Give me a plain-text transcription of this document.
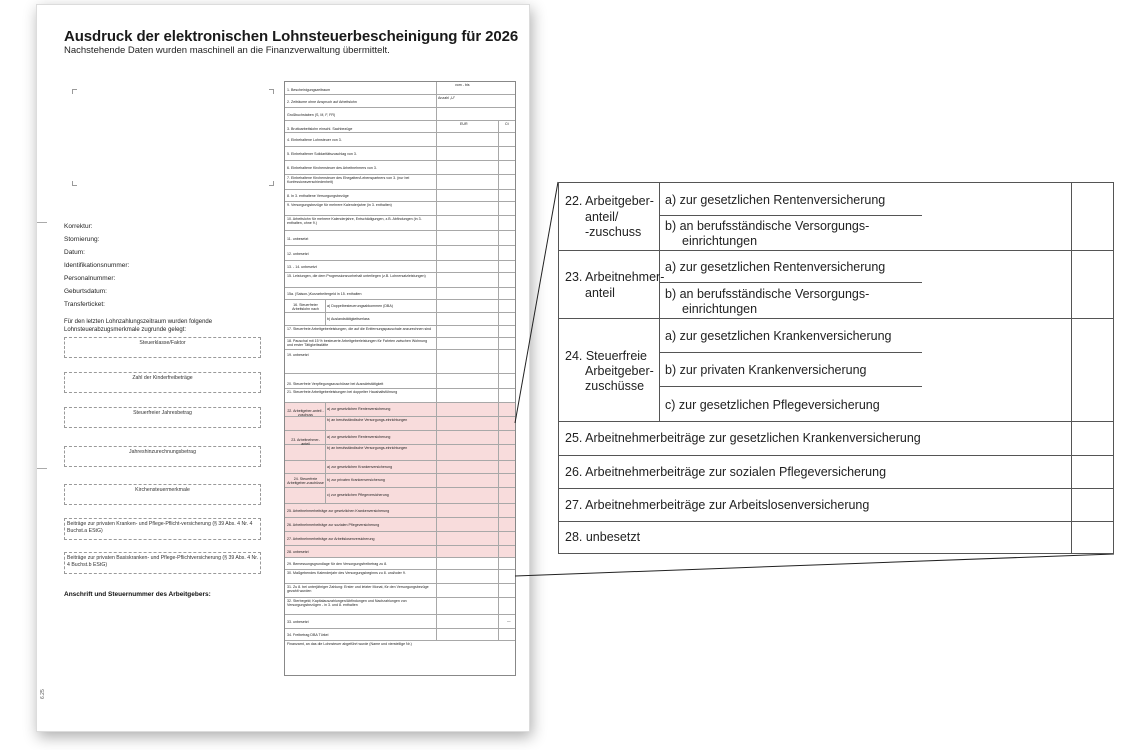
Ausdruck der elektronischen Lohnsteuerbescheinigung für 2026
Nachstehende Daten wurden maschinell an die Finanzverwaltung übermittelt.
Korrektur:
Stornierung:
Datum:
Identifikationsnummer:
Personalnummer:
Geburtsdatum:
Transferticket:
Für den letzten Lohnzahlungszeitraum wurden folgende Lohnsteuerabzugsmerkmale zugrunde gelegt:
Steuerklasse/Faktor
Zahl der Kinderfreibeträge
Steuerfreier Jahresbetrag
Jahreshinzurechnungsbetrag
Kirchensteuermerkmale
Beiträge zur privaten Kranken- und Pflege-Pflicht-versicherung (§ 39 Abs. 4 Nr. 4 Buchst.a EStG)
Beiträge zur privaten Basiskranken- und Pflege-Pflichtversicherung (§ 39 Abs. 4 Nr. 4 Buchst.b EStG)
Anschrift und Steuernummer des Arbeitgebers:
6.25
1. Bescheinigungszeitraum
vom - bis
2. Zeiträume ohne Anspruch auf Arbeitslohn
Anzahl „U"
Großbuchstaben (S, M, F, FR)
3. Bruttoarbeitslohn einschl. Sachbezüge
EUR	Ct
4. Einbehaltene Lohnsteuer von 3.
5. Einbehaltener Solidaritätszuschlag von 3.
6. Einbehaltene Kirchensteuer des Arbeitnehmers von 3.
7. Einbehaltene Kirchensteuer des Ehegatten/Lebenspartners von 3. (nur bei Konfessionsverschiedenheit)
8. In 3. enthaltene Versorgungsbezüge
9. Versorgungsbezüge für mehrere Kalenderjahre (in 3. enthalten)
10. Arbeitslohn für mehrere Kalenderjahre, Entschädigungen, z.B. Abfindungen (in 3. enthalten, ohne 9.)
11. unbesetzt
12. unbesetzt
13. - 14. unbesetzt
15. Leistungen, die dem Progressionsvorbehalt unterliegen (z.B. Lohnersatzleistungen)
15a. (Saison-)Kurzarbeitergeld in 15. enthalten
a) Doppelbesteuerungsabkommen (DBA)
b) Auslandstätigkeitserlass
16. Steuerfreier Arbeitslohn nach
17. Steuerfreie Arbeitgeberleistungen, die auf die Entfernungspauschale anzurechnen sind
18. Pauschal mit 15 % besteuerte Arbeitgeberleistungen für Fahrten zwischen Wohnung und erster Tätigkeitsstätte
19. unbesetzt
20. Steuerfreie Verpflegungszuschüsse bei Auswärtstätigkeit
21. Steuerfreie Arbeitgeberleistungen bei doppelter Haushaltsführung
a) zur gesetzlichen Rentenversicherung
b) an berufsständische Versorgungs-einrichtungen
22. Arbeitgeber-anteil -zuschuss
a) zur gesetzlichen Rentenversicherung
b) an berufsständische Versorgungs-einrichtungen
23. Arbeitnehmer-anteil
a) zur gesetzlichen Krankenversicherung
b) zur privaten Krankenversicherung
c) zur gesetzlichen Pflegeversicherung
24. Steuerfreie Arbeitgeber-zuschüsse
25. Arbeitnehmerbeiträge zur gesetzlichen Krankenversicherung
26. Arbeitnehmerbeiträge zur sozialen Pflegeversicherung
27. Arbeitnehmerbeiträge zur Arbeitslosenversicherung
28. unbesetzt
29. Bemessungsgrundlage für den Versorgungsfreibetrag zu 8.
30. Maßgebendes Kalenderjahr des Versorgungsbeginns zu 8. und/oder 9.
31. Zu 8. bei unterjähriger Zahlung: Erster und letzter Monat, für den Versorgungsbezüge gezahlt wurden
32. Sterbegeld; Kapitalauszahlungen/Abfindungen und Nachzahlungen von Versorgungsbezügen - in 3. und 8. enthalten
33. unbesetzt	—
34. Freibetrag DBA Türkei
Finanzamt, an das die Lohnsteuer abgeführt wurde (Name und vierstellige Nr.)
22. Arbeitgeber-
anteil/
-zuschuss
a) zur gesetzlichen Rentenversicherung
b) an berufsständische Versorgungs-
einrichtungen
23. Arbeitnehmer-
anteil
a) zur gesetzlichen Rentenversicherung
b) an berufsständische Versorgungs-
einrichtungen
24. Steuerfreie
Arbeitgeber-
zuschüsse
a) zur gesetzlichen Krankenversicherung
b) zur privaten Krankenversicherung
c) zur gesetzlichen Pflegeversicherung
25. Arbeitnehmerbeiträge zur gesetzlichen Krankenversicherung
26. Arbeitnehmerbeiträge zur sozialen Pflegeversicherung
27. Arbeitnehmerbeiträge zur Arbeitslosenversicherung
28. unbesetzt
